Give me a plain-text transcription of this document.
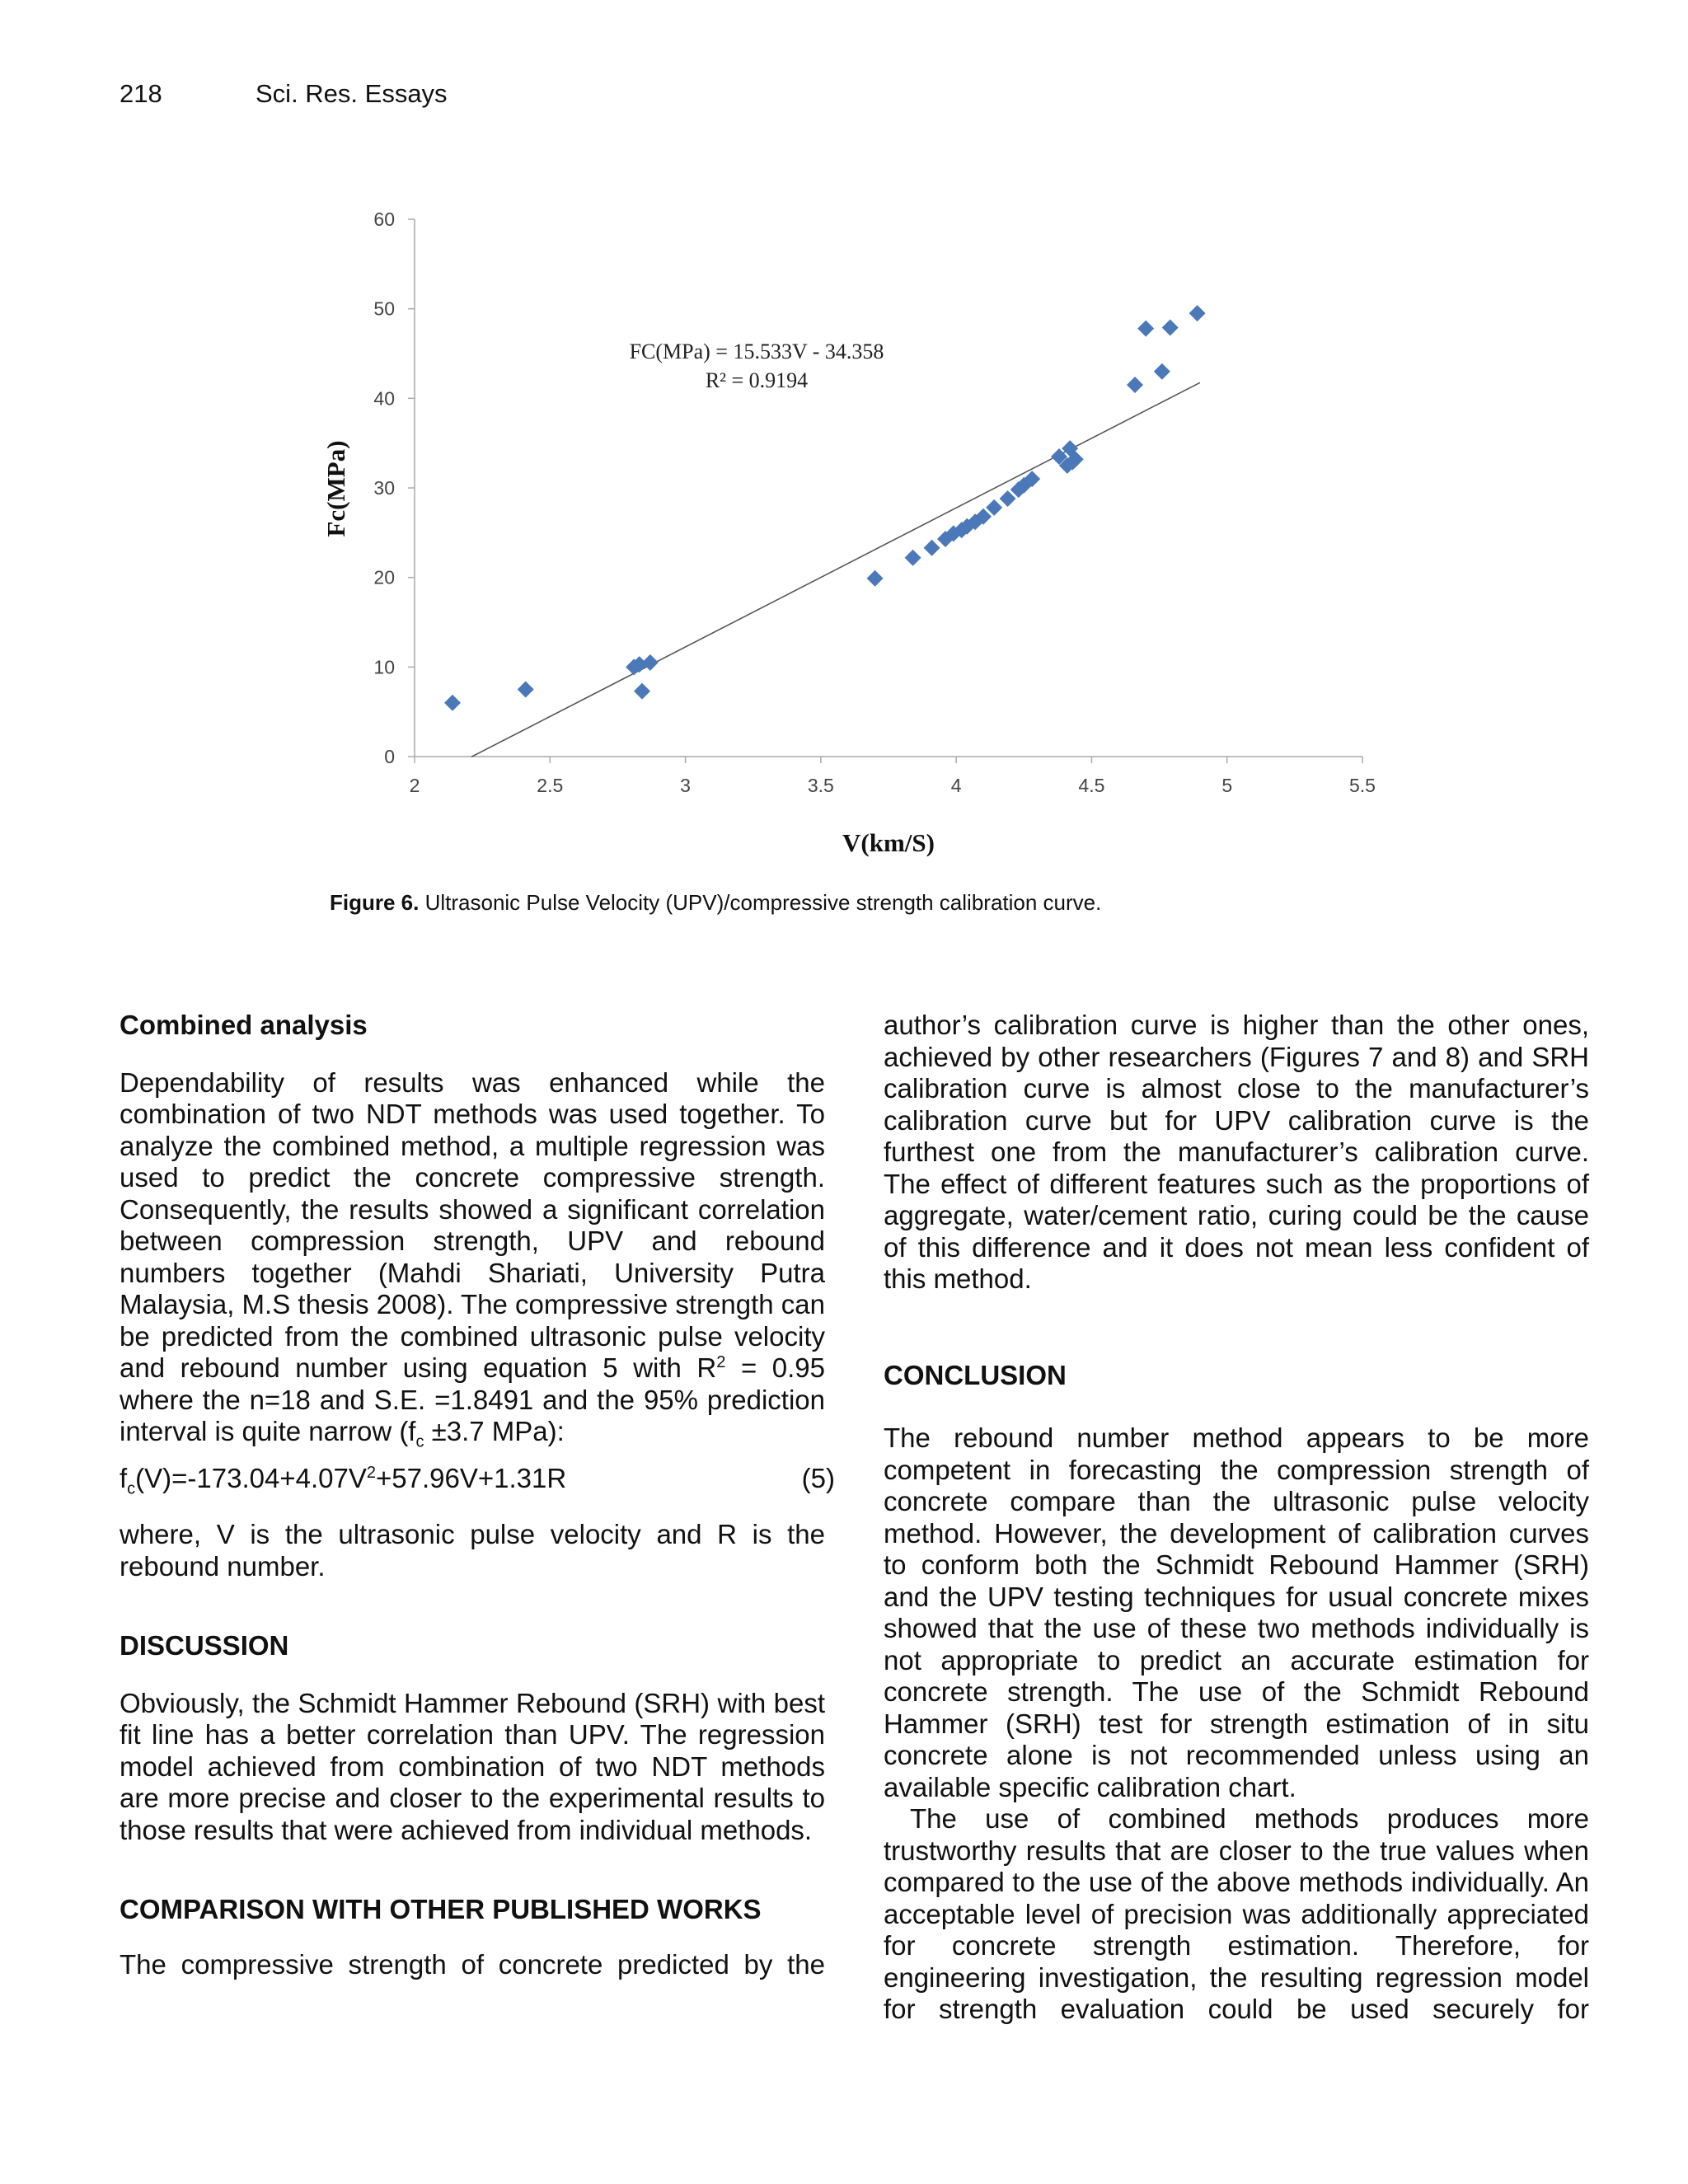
218	Sci. Res. Essays
2	2.5	3	3.5	4	4.5	5	5.5
0
10
20
30
40
50
60
FC(MPa) = 15.533V - 34.358
R² = 0.9194
V(km/S)
Fc(MPa)
Figure 6. Ultrasonic Pulse Velocity (UPV)/compressive strength calibration curve.
Combined analysis

Dependability of results was enhanced while the combination of two NDT methods was used together. To analyze the combined method, a multiple regression was used to predict the concrete compressive strength. Consequently, the results showed a significant correlation between compression strength, UPV and rebound numbers together (Mahdi Shariati, University Putra Malaysia, M.S thesis 2008). The compressive strength can be predicted from the combined ultrasonic pulse velocity and rebound number using equation 5 with $R^2 = 0.95$ where the n=18 and S.E. =1.8491 and the 95% prediction interval is quite narrow ($f_c \pm 3.7$ MPa):

$f_c(V)=-173.04+4.07V^2+57.96V+1.31R$	(5)

where, V is the ultrasonic pulse velocity and R is the rebound number.

DISCUSSION

Obviously, the Schmidt Hammer Rebound (SRH) with best fit line has a better correlation than UPV. The regression model achieved from combination of two NDT methods are more precise and closer to the experimental results to those results that were achieved from individual methods.

COMPARISON WITH OTHER PUBLISHED WORKS

The compressive strength of concrete predicted by the

author’s calibration curve is higher than the other ones, achieved by other researchers (Figures 7 and 8) and SRH calibration curve is almost close to the manufacturer’s calibration curve but for UPV calibration curve is the furthest one from the manufacturer’s calibration curve. The effect of different features such as the proportions of aggregate, water/cement ratio, curing could be the cause of this difference and it does not mean less confident of this method.

CONCLUSION

The rebound number method appears to be more competent in forecasting the compression strength of concrete compare than the ultrasonic pulse velocity method. However, the development of calibration curves to conform both the Schmidt Rebound Hammer (SRH) and the UPV testing techniques for usual concrete mixes showed that the use of these two methods individually is not appropriate to predict an accurate estimation for concrete strength. The use of the Schmidt Rebound Hammer (SRH) test for strength estimation of in situ concrete alone is not recommended unless using an available specific calibration chart.

The use of combined methods produces more trustworthy results that are closer to the true values when compared to the use of the above methods individually. An acceptable level of precision was additionally appreciated for concrete strength estimation. Therefore, for engineering investigation, the resulting regression model for strength evaluation could be used securely for
